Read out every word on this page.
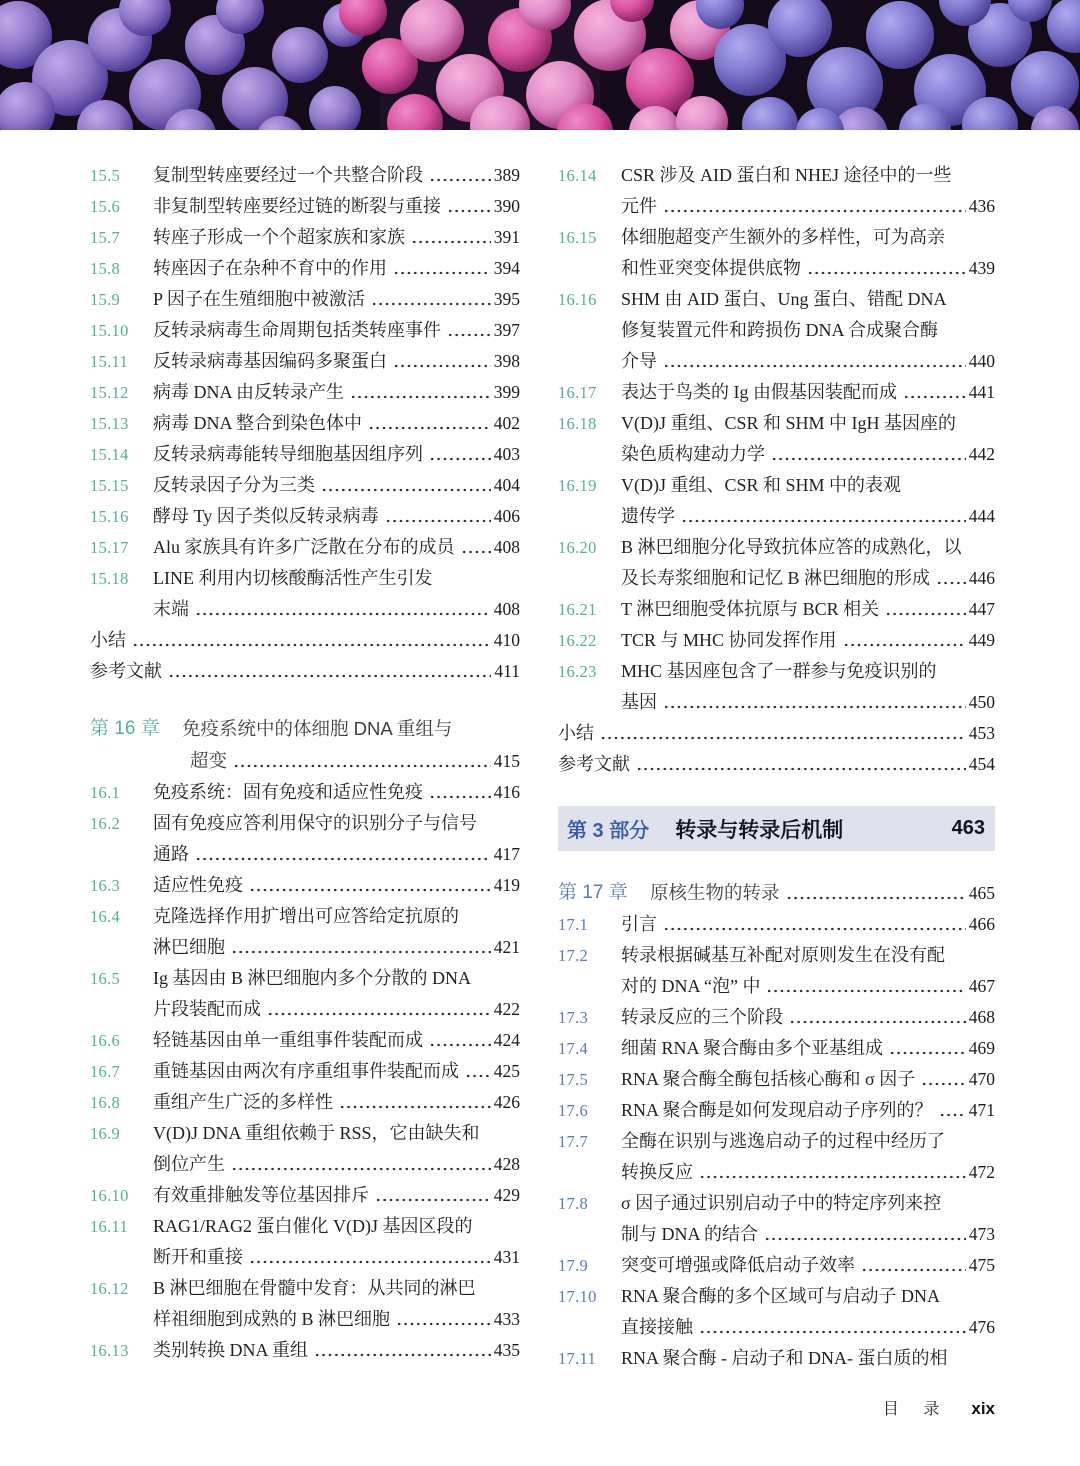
15.5	复制型转座要经过一个共整合阶段	389
15.6	非复制型转座要经过链的断裂与重接	390
15.7	转座子形成一个个超家族和家族	391
15.8	转座因子在杂种不育中的作用	394
15.9	P 因子在生殖细胞中被激活	395
15.10	反转录病毒生命周期包括类转座事件	397
15.11	反转录病毒基因编码多聚蛋白	398
15.12	病毒 DNA 由反转录产生	399
15.13	病毒 DNA 整合到染色体中	402
15.14	反转录病毒能转导细胞基因组序列	403
15.15	反转录因子分为三类	404
15.16	酵母 Ty 因子类似反转录病毒	406
15.17	Alu 家族具有许多广泛散在分布的成员 408
15.18	LINE 利用内切核酸酶活性产生引发
末端	408
小结	410
参考文献	411
第 16 章	免疫系统中的体细胞 DNA 重组与
超变	415
16.1	免疫系统：固有免疫和适应性免疫	416
16.2	固有免疫应答利用保守的识别分子与信号
通路	417
16.3	适应性免疫	419
16.4	克隆选择作用扩增出可应答给定抗原的
淋巴细胞	421
16.5	Ig 基因由 B 淋巴细胞内多个分散的 DNA
片段装配而成	422
16.6	轻链基因由单一重组事件装配而成	424
16.7	重链基因由两次有序重组事件装配而成 425
16.8	重组产生广泛的多样性	426
16.9	V(D)J DNA 重组依赖于 RSS，它由缺失和
倒位产生	428
16.10	有效重排触发等位基因排斥	429
16.11	RAG1/RAG2 蛋白催化 V(D)J 基因区段的
断开和重接	431
16.12	B 淋巴细胞在骨髓中发育：从共同的淋巴
样祖细胞到成熟的 B 淋巴细胞	433
16.13	类别转换 DNA 重组	435
16.14	CSR 涉及 AID 蛋白和 NHEJ 途径中的一些
元件	436
16.15	体细胞超变产生额外的多样性，可为高亲
和性亚突变体提供底物	439
16.16	SHM 由 AID 蛋白、Ung 蛋白、错配 DNA
修复装置元件和跨损伤 DNA 合成聚合酶
介导	440
16.17	表达于鸟类的 Ig 由假基因装配而成	441
16.18	V(D)J 重组、CSR 和 SHM 中 IgH 基因座的
染色质构建动力学	442
16.19	V(D)J 重组、CSR 和 SHM 中的表观
遗传学	444
16.20	B 淋巴细胞分化导致抗体应答的成熟化，以
及长寿浆细胞和记忆 B 淋巴细胞的形成 446
16.21	T 淋巴细胞受体抗原与 BCR 相关	447
16.22	TCR 与 MHC 协同发挥作用	449
16.23	MHC 基因座包含了一群参与免疫识别的
基因	450
小结	453
参考文献	454
第 3 部分 转录与转录后机制	463
第 17 章	原核生物的转录	465
17.1	引言	466
17.2	转录根据碱基互补配对原则发生在没有配
对的 DNA “泡” 中	467
17.3	转录反应的三个阶段	468
17.4	细菌 RNA 聚合酶由多个亚基组成	469
17.5	RNA 聚合酶全酶包括核心酶和 σ 因子	470
17.6	RNA 聚合酶是如何发现启动子序列的？ 471
17.7	全酶在识别与逃逸启动子的过程中经历了
转换反应	472
17.8	σ 因子通过识别启动子中的特定序列来控
制与 DNA 的结合	473
17.9	突变可增强或降低启动子效率	475
17.10	RNA 聚合酶的多个区域可与启动子 DNA
直接接触	476
17.11	RNA 聚合酶 - 启动子和 DNA- 蛋白质的相
目 录 xix
